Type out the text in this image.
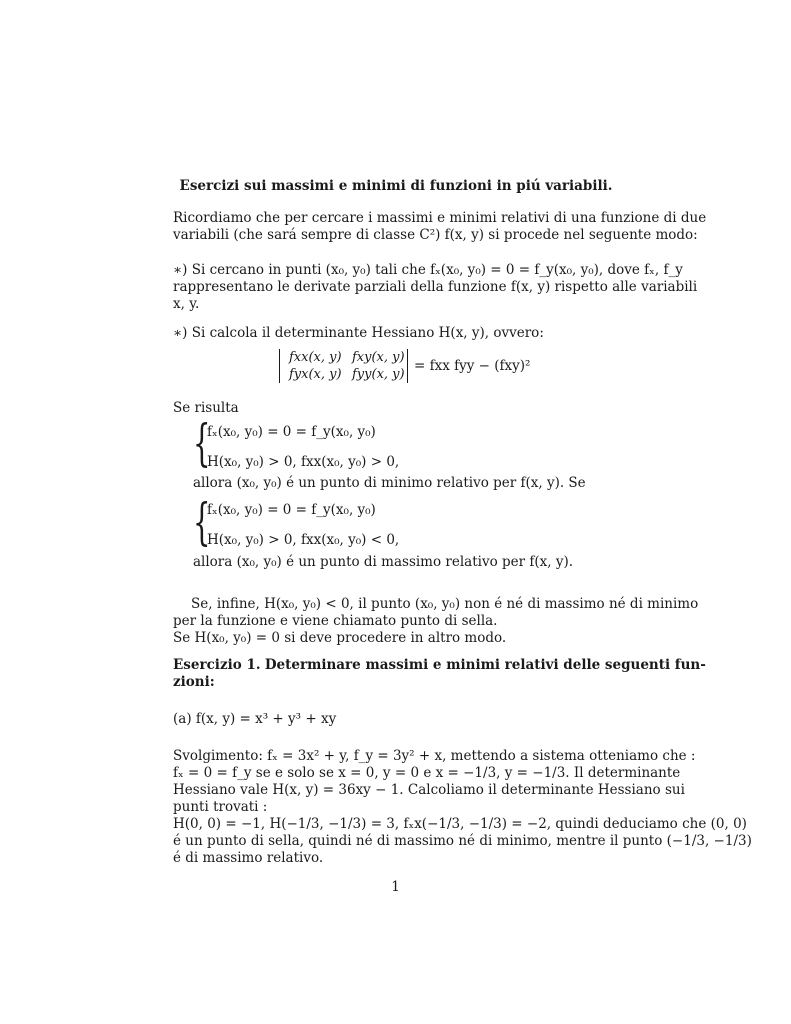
Esercizi sui massimi e minimi di funzioni in piú variabili.
Ricordiamo che per cercare i massimi e minimi relativi di una funzione di due
variabili (che sará sempre di classe C²) f(x, y) si procede nel seguente modo:
∗) Si cercano in punti (x₀, y₀) tali che fₓ(x₀, y₀) = 0 = f_y(x₀, y₀), dove fₓ, f_y
rappresentano le derivate parziali della funzione f(x, y) rispetto alle variabili
x, y.
∗) Si calcola il determinante Hessiano H(x, y), ovvero:
fxx(x, y) fxy(x, y)
fyx(x, y) fyy(x, y)
= fxx fyy − (fxy)²
Se risulta
{
fₓ(x₀, y₀) = 0 = f_y(x₀, y₀)
H(x₀, y₀) > 0, fxx(x₀, y₀) > 0,
allora (x₀, y₀) é un punto di minimo relativo per f(x, y). Se
{
fₓ(x₀, y₀) = 0 = f_y(x₀, y₀)
H(x₀, y₀) > 0, fxx(x₀, y₀) < 0,
allora (x₀, y₀) é un punto di massimo relativo per f(x, y).
Se, infine, H(x₀, y₀) < 0, il punto (x₀, y₀) non é né di massimo né di minimo
per la funzione e viene chiamato punto di sella.
Se H(x₀, y₀) = 0 si deve procedere in altro modo.
Esercizio 1. Determinare massimi e minimi relativi delle seguenti fun-
zioni:
(a) f(x, y) = x³ + y³ + xy
Svolgimento: fₓ = 3x² + y, f_y = 3y² + x, mettendo a sistema otteniamo che :
fₓ = 0 = f_y se e solo se x = 0, y = 0 e x = −1/3, y = −1/3. Il determinante
Hessiano vale H(x, y) = 36xy − 1. Calcoliamo il determinante Hessiano sui
punti trovati :
H(0, 0) = −1, H(−1/3, −1/3) = 3, fₓx(−1/3, −1/3) = −2, quindi deduciamo che (0, 0)
é un punto di sella, quindi né di massimo né di minimo, mentre il punto (−1/3, −1/3)
é di massimo relativo.
1
